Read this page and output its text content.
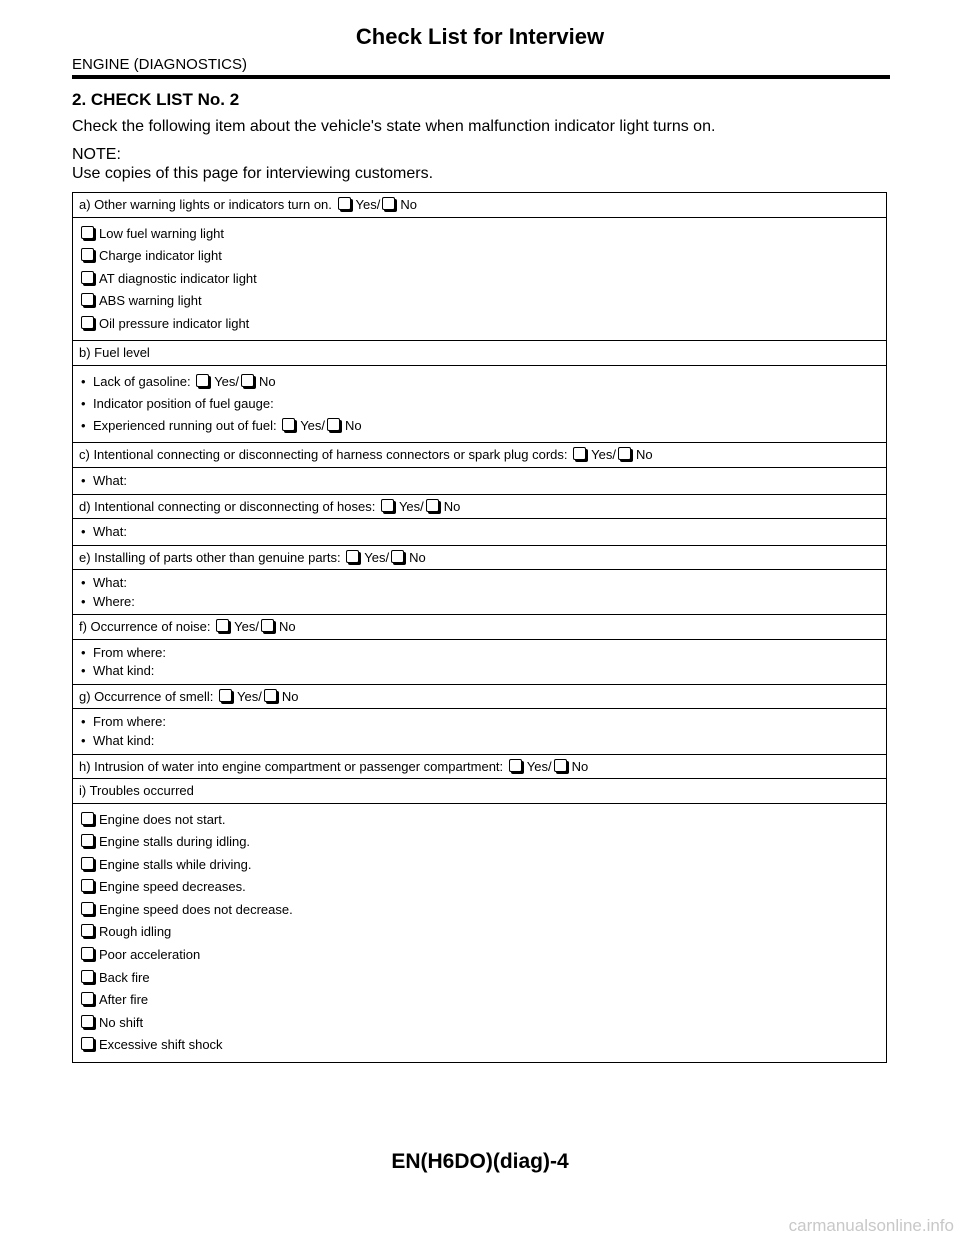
Check List for Interview
ENGINE (DIAGNOSTICS)
2. CHECK LIST No. 2
Check the following item about the vehicle's state when malfunction indicator light turns on.
NOTE:
Use copies of this page for interviewing customers.
a) Other warning lights or indicators turn on. Yes/ No

Low fuel warning light
Charge indicator light
AT diagnostic indicator light
ABS warning light
Oil pressure indicator light

b) Fuel level

• Lack of gasoline: Yes/ No
• Indicator position of fuel gauge:
• Experienced running out of fuel: Yes/ No

c) Intentional connecting or disconnecting of harness connectors or spark plug cords: Yes/ No

• What:

d) Intentional connecting or disconnecting of hoses: Yes/ No

• What:

e) Installing of parts other than genuine parts: Yes/ No

• What:
• Where:

f) Occurrence of noise: Yes/ No

• From where:
• What kind:

g) Occurrence of smell: Yes/ No

• From where:
• What kind:

h) Intrusion of water into engine compartment or passenger compartment: Yes/ No
i) Troubles occurred

Engine does not start.
Engine stalls during idling.
Engine stalls while driving.
Engine speed decreases.
Engine speed does not decrease.
Rough idling
Poor acceleration
Back fire
After fire
No shift
Excessive shift shock
EN(H6DO)(diag)-4
carmanualsonline.info
